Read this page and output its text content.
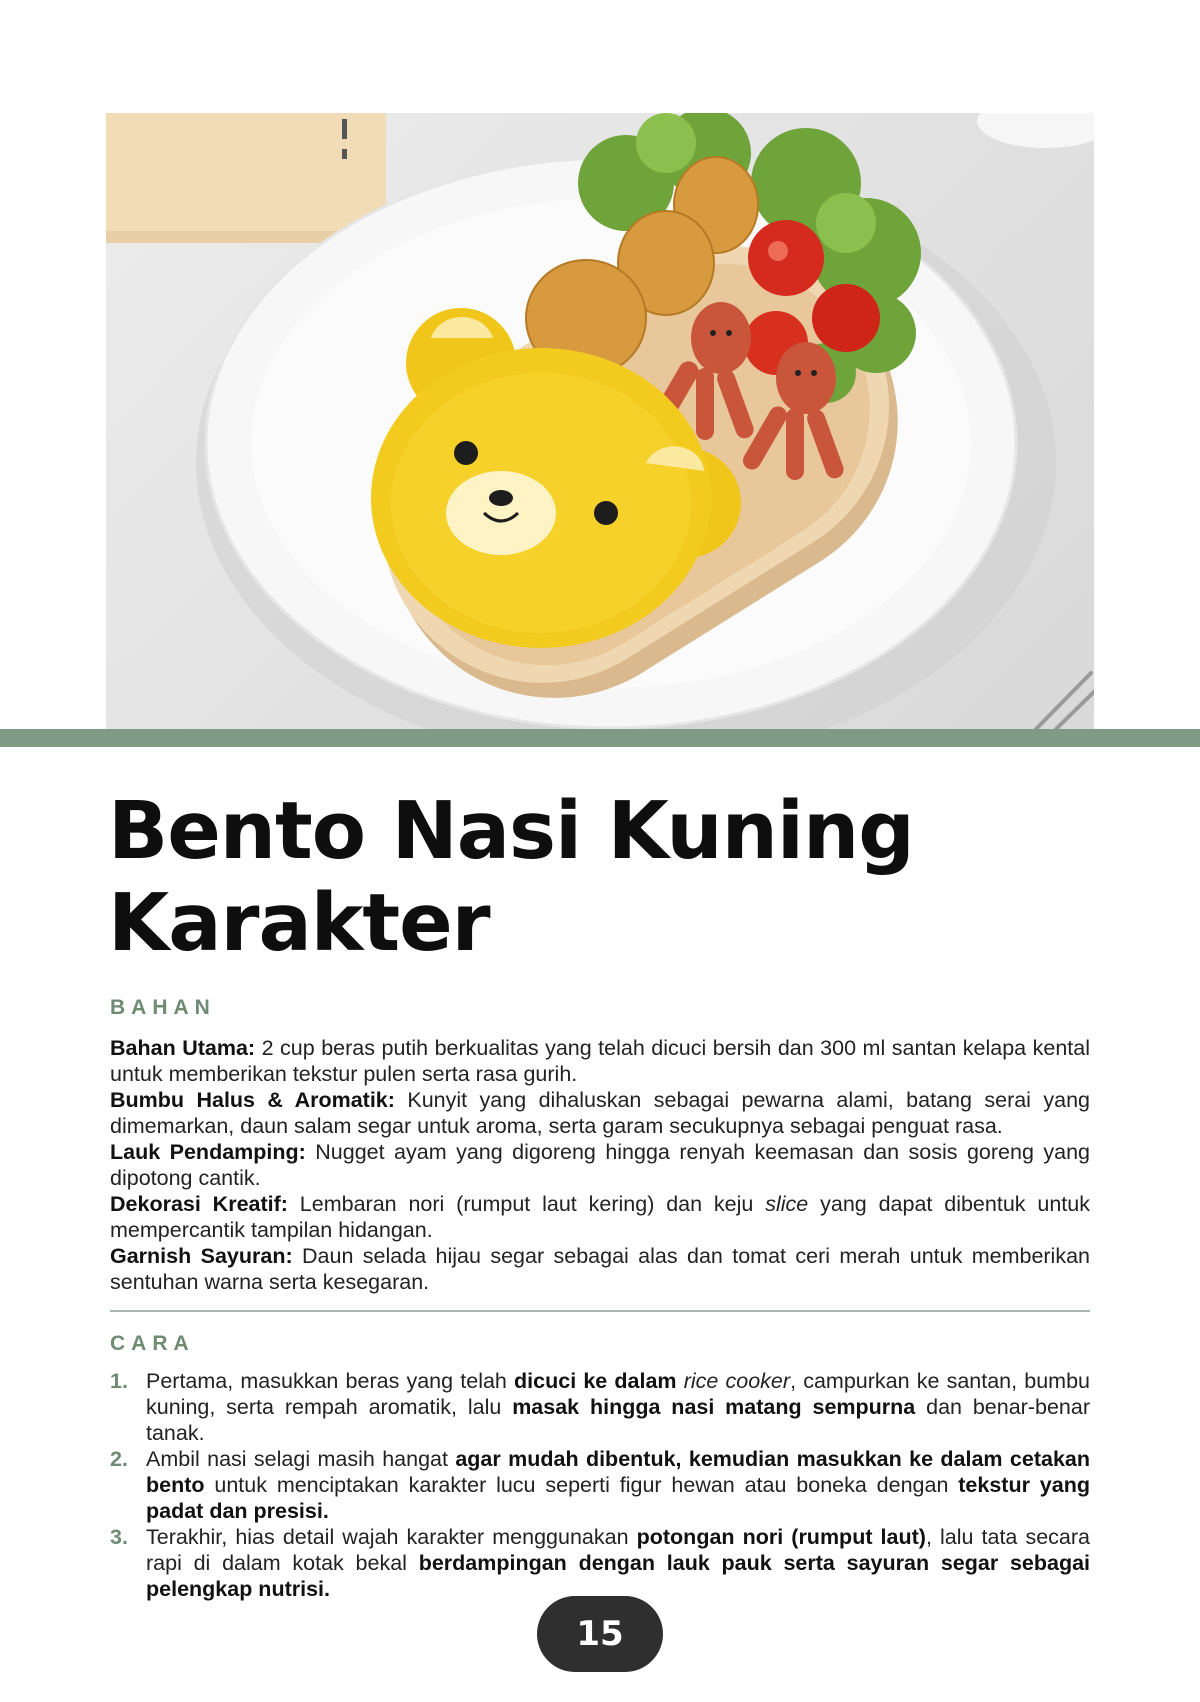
Bento Nasi Kuning
Karakter
BAHAN
Bahan Utama: 2 cup beras putih berkualitas yang telah dicuci bersih dan 300 ml santan kelapa kental untuk memberikan tekstur pulen serta rasa gurih.
Bumbu Halus & Aromatik: Kunyit yang dihaluskan sebagai pewarna alami, batang serai yang dimemarkan, daun salam segar untuk aroma, serta garam secukupnya sebagai penguat rasa.
Lauk Pendamping: Nugget ayam yang digoreng hingga renyah keemasan dan sosis goreng yang dipotong cantik.
Dekorasi Kreatif: Lembaran nori (rumput laut kering) dan keju slice yang dapat dibentuk untuk mempercantik tampilan hidangan.
Garnish Sayuran: Daun selada hijau segar sebagai alas dan tomat ceri merah untuk memberikan sentuhan warna serta kesegaran.
CARA
1. Pertama, masukkan beras yang telah dicuci ke dalam rice cooker, campurkan ke santan, bumbu kuning, serta rempah aromatik, lalu masak hingga nasi matang sempurna dan benar-benar tanak.
2. Ambil nasi selagi masih hangat agar mudah dibentuk, kemudian masukkan ke dalam cetakan bento untuk menciptakan karakter lucu seperti figur hewan atau boneka dengan tekstur yang padat dan presisi.
3. Terakhir, hias detail wajah karakter menggunakan potongan nori (rumput laut), lalu tata secara rapi di dalam kotak bekal berdampingan dengan lauk pauk serta sayuran segar sebagai pelengkap nutrisi.
15
